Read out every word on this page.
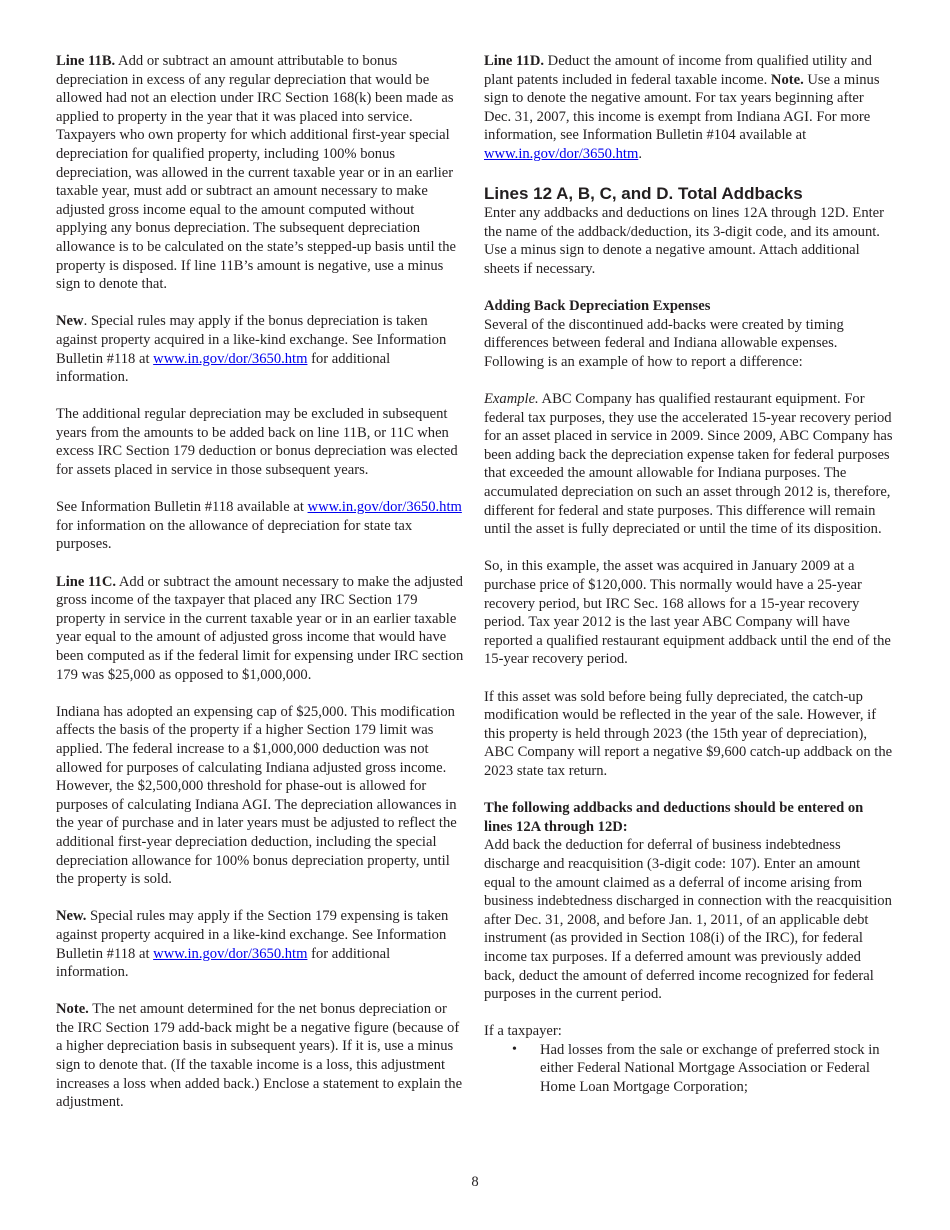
Line 11B. Add or subtract an amount attributable to bonus depreciation in excess of any regular depreciation that would be allowed had not an election under IRC Section 168(k) been made as applied to property in the year that it was placed into service. Taxpayers who own property for which additional first-year special depreciation for qualified property, including 100% bonus depreciation, was allowed in the current taxable year or in an earlier taxable year, must add or subtract an amount necessary to make adjusted gross income equal to the amount computed without applying any bonus depreciation. The subsequent depreciation allowance is to be calculated on the state’s stepped-up basis until the property is disposed. If line 11B’s amount is negative, use a minus sign to denote that.

New. Special rules may apply if the bonus depreciation is taken against property acquired in a like-kind exchange. See Information Bulletin #118 at www.in.gov/dor/3650.htm for additional information.

The additional regular depreciation may be excluded in subsequent years from the amounts to be added back on line 11B, or 11C when excess IRC Section 179 deduction or bonus depreciation was elected for assets placed in service in those subsequent years.

See Information Bulletin #118 available at www.in.gov/dor/3650.htm for information on the allowance of depreciation for state tax purposes.

Line 11C. Add or subtract the amount necessary to make the adjusted gross income of the taxpayer that placed any IRC Section 179 property in service in the current taxable year or in an earlier taxable year equal to the amount of adjusted gross income that would have been computed as if the federal limit for expensing under IRC section 179 was $25,000 as opposed to $1,000,000.

Indiana has adopted an expensing cap of $25,000. This modification affects the basis of the property if a higher Section 179 limit was applied. The federal increase to a $1,000,000 deduction was not allowed for purposes of calculating Indiana adjusted gross income. However, the $2,500,000 threshold for phase-out is allowed for purposes of calculating Indiana AGI. The depreciation allowances in the year of purchase and in later years must be adjusted to reflect the additional first-year depreciation deduction, including the special depreciation allowance for 100% bonus depreciation property, until the property is sold.

New. Special rules may apply if the Section 179 expensing is taken against property acquired in a like-kind exchange. See Information Bulletin #118 at www.in.gov/dor/3650.htm for additional information.

Note. The net amount determined for the net bonus depreciation or the IRC Section 179 add-back might be a negative figure (because of a higher depreciation basis in subsequent years). If it is, use a minus sign to denote that. (If the taxable income is a loss, this adjustment increases a loss when added back.) Enclose a statement to explain the adjustment.

Line 11D. Deduct the amount of income from qualified utility and plant patents included in federal taxable income. Note. Use a minus sign to denote the negative amount. For tax years beginning after Dec. 31, 2007, this income is exempt from Indiana AGI. For more information, see Information Bulletin #104 available at www.in.gov/dor/3650.htm.

Lines 12 A, B, C, and D. Total Addbacks

Enter any addbacks and deductions on lines 12A through 12D. Enter the name of the addback/deduction, its 3-digit code, and its amount. Use a minus sign to denote a negative amount. Attach additional sheets if necessary.

Adding Back Depreciation Expenses

Several of the discontinued add-backs were created by timing differences between federal and Indiana allowable expenses. Following is an example of how to report a difference:

Example. ABC Company has qualified restaurant equipment. For federal tax purposes, they use the accelerated 15-year recovery period for an asset placed in service in 2009. Since 2009, ABC Company has been adding back the depreciation expense taken for federal purposes that exceeded the amount allowable for Indiana purposes. The accumulated depreciation on such an asset through 2012 is, therefore, different for federal and state purposes. This difference will remain until the asset is fully depreciated or until the time of its disposition.

So, in this example, the asset was acquired in January 2009 at a purchase price of $120,000. This normally would have a 25-year recovery period, but IRC Sec. 168 allows for a 15-year recovery period. Tax year 2012 is the last year ABC Company will have reported a qualified restaurant equipment addback until the end of the 15-year recovery period.

If this asset was sold before being fully depreciated, the catch-up modification would be reflected in the year of the sale. However, if this property is held through 2023 (the 15th year of depreciation), ABC Company will report a negative $9,600 catch-up addback on the 2023 state tax return.

The following addbacks and deductions should be entered on lines 12A through 12D:

Add back the deduction for deferral of business indebtedness discharge and reacquisition (3-digit code: 107). Enter an amount equal to the amount claimed as a deferral of income arising from business indebtedness discharged in connection with the reacquisition after Dec. 31, 2008, and before Jan. 1, 2011, of an applicable debt instrument (as provided in Section 108(i) of the IRC), for federal income tax purposes. If a deferred amount was previously added back, deduct the amount of deferred income recognized for federal purposes in the current period.

If a taxpayer:

• Had losses from the sale or exchange of preferred stock in either Federal National Mortgage Association or Federal Home Loan Mortgage Corporation;
8
